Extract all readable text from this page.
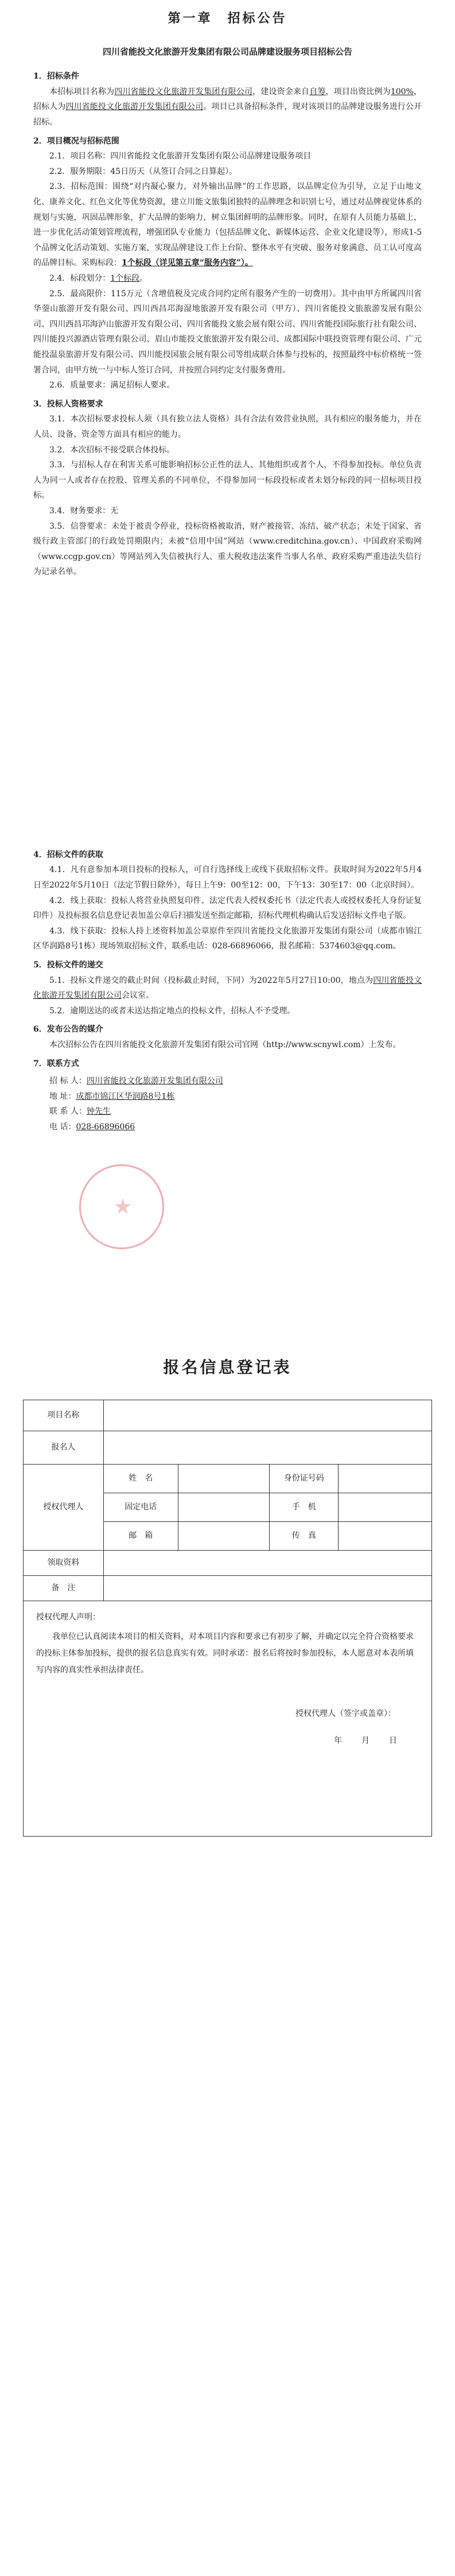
第一章　招标公告
四川省能投文化旅游开发集团有限公司品牌建设服务项目招标公告
1．招标条件
本招标项目名称为四川省能投文化旅游开发集团有限公司，建设资金来自自筹，项目出资比例为100%，招标人为四川省能投文化旅游开发集团有限公司。项目已具备招标条件，现对该项目的品牌建设服务进行公开招标。
2．项目概况与招标范围
2.1．项目名称：四川省能投文化旅游开发集团有限公司品牌建设服务项目
2.2．服务期限：45日历天（从签订合同之日算起）。
2.3．招标范围：围绕“对内凝心聚力，对外输出品牌”的工作思路，以品牌定位为引导，立足于山地文化、康养文化、红色文化等优势资源，建立川能文旅集团独特的品牌理念和识别七号，通过对品牌视觉体系的规划与实施，巩固品牌形象，扩大品牌的影响力，树立集团鲜明的品牌形象。同时，在原有人员能力基础上，进一步优化活动策划管理流程，增强团队专业能力（包括品牌文化、新媒体运营、企业文化建设等），形成1-5个品牌文化活动策划、实施方案，实现品牌建设工作上台阶、整体水平有突破、服务对象满意、员工认可度高的品牌目标。采购标段：1个标段（详见第五章“服务内容”）。
2.4．标段划分：1个标段。
2.5．最高限价：115万元（含增值税及完成合同约定所有服务产生的一切费用）。其中由甲方所属四川省华蓥山旅游开发有限公司、四川西昌邛海湿地旅游开发有限公司（甲方）、四川省能投文旅旅游发展有限公司、四川西昌邛海泸山旅游开发有限公司、四川省能投文旅会展有限公司、四川省能投国际旅行社有限公司、四川能投兴源酒店管理有限公司、眉山市能投文旅旅游开发有限公司、成都国际中联投资管理有限公司、广元能投温泉旅游开发有限公司、四川能投国旅会展有限公司等组成联合体参与投标的，按照最终中标价格统一签署合同，由甲方统一与中标人签订合同，并按照合同约定支付服务费用。
2.6．质量要求：满足招标人要求。
3．投标人资格要求
3.1．本次招标要求投标人须（具有独立法人资格）具有合法有效营业执照，具有相应的服务能力，并在人员、设备、资金等方面具有相应的能力。
3.2．本次招标不接受联合体投标。
3.3．与招标人存在利害关系可能影响招标公正性的法人、其他组织或者个人，不得参加投标。单位负责人为同一人或者存在控股、管理关系的不同单位，不得参加同一标段投标或者未划分标段的同一招标项目投标。
3.4．财务要求：无
3.5．信誉要求：未处于被责令停业，投标资格被取消，财产被接管、冻结、破产状态；未处于国家、省级行政主管部门的行政处罚期限内；未被“信用中国”网站（www.creditchina.gov.cn）、中国政府采购网（www.ccgp.gov.cn）等网站列入失信被执行人、重大税收违法案件当事人名单、政府采购严重违法失信行为记录名单。
4．招标文件的获取
4.1．凡有意参加本项目投标的投标人，可自行选择线上或线下获取招标文件。获取时间为2022年5月4日至2022年5月10日（法定节假日除外），每日上午9：00至12：00，下午13：30至17：00（北京时间）。
4.2．线上获取：投标人将营业执照复印件、法定代表人授权委托书（法定代表人或授权委托人身份证复印件）及投标报名信息登记表加盖公章后扫描发送至指定邮箱，招标代理机构确认后发送招标文件电子版。
4.3．线下获取：投标人持上述资料加盖公章原件至四川省能投文化旅游开发集团有限公司（成都市锦江区华润路8号1栋）现场领取招标文件，联系电话：028-66896066，报名邮箱：5374603@qq.com。
5．投标文件的递交
5.1．投标文件递交的截止时间（投标截止时间，下同）为2022年5月27日10:00，地点为四川省能投文化旅游开发集团有限公司会议室。
5.2．逾期送达的或者未送达指定地点的投标文件，招标人不予受理。
6．发布公告的媒介
本次招标公告在四川省能投文化旅游开发集团有限公司官网（http://www.scnywl.com）上发布。
7．联系方式
招 标 人：四川省能投文化旅游开发集团有限公司
地 址：成都市锦江区华润路8号1栋
联 系 人：钟先生
电 话：028-66896066
报名信息登记表
项目名称				
报名人				
授权代理人	姓　名		身份证号码	
	固定电话		手　机	
	邮　箱		传　真	
领取资料				
备　注				

授权代理人声明：
我单位已认真阅读本项目的相关资料，对本项目内容和要求已有初步了解，并确定以完全符合资格要求的投标主体参加投标，提供的报名信息真实有效。同时承诺：报名后将按时参加投标，本人愿意对本表所填写内容的真实性承担法律责任。
授权代理人（签字或盖章）：
年　　月　　日				
